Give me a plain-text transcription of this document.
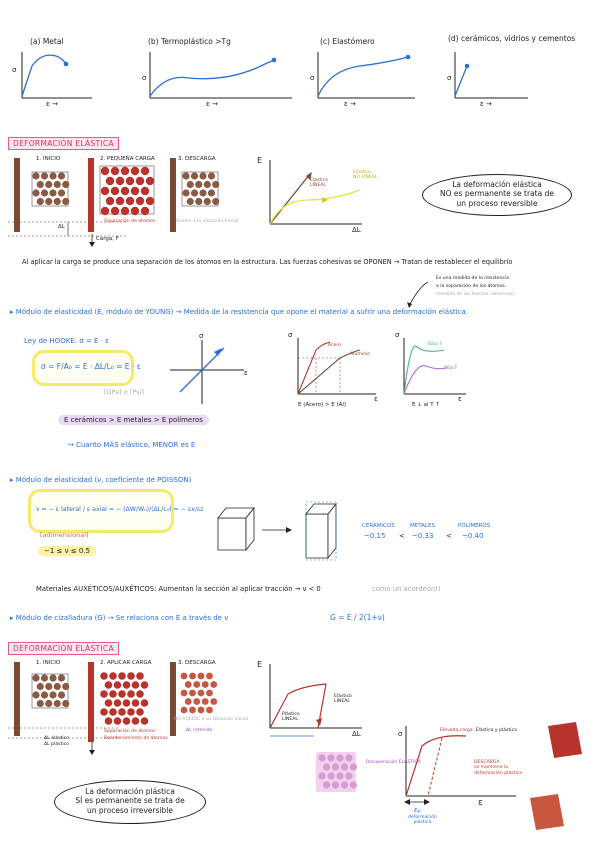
(a) Metal	(b) Termoplástico >Tg	(c) Elastómero	(d) cerámicos, vidrios y cementos
σ
ε →
σ
ε →
σ
ε →
σ
ε →
DEFORMACIÓN ELÁSTICA
1. INICIO	2. PEQUEÑA CARGA	3. DESCARGA
Separación de átomos	Vuelve a la situación inicial
ΔL
Carga, F
E
ΔL
Elástico
LINEAL
Elástico
NO LINEAL
La deformación elástica
NO es permanente se trata de
un proceso reversible
Al aplicar la carga se produce una separación de los átomos en la estructura. Las fuerzas cohesivas se OPONEN → Tratan de restablecer el equilibrio
Es una medida de la resistencia
a la separación de los átomos.
(medida de las fuerzas cohesivas)
▸ Módulo de elasticidad (E, módulo de YOUNG) → Medida de la resistencia que opone el material a sufrir una deformación elástica.
Ley de HOOKE: σ = E · ε
σ = F/A₀ = E · ΔL/L₀ = E · ε
[GPa] o [Psi]
E cerámicos > E metales > E polímeros
↪ Cuanto MÁS elástico, MENOR es E
σ
ε
σ
ε
Acero
Aluminio
E (Acero) > E (Al)
σ
ε
Baja T
Alta T
E ↓ al T ↑
▸ Módulo de elasticidad (ν, coeficiente de POISSON)
ν = − ε lateral / ε axial = − (ΔW/W₀)/(ΔL/L₀) = − εx/εz
[adimensional]
−1 ≤ ν ≤ 0.5
CERÁMICOS	METALES	POLÍMEROS
~0.15 < ~0.33 < ~0.40
Materiales AUXÉTICOS/AUXÉTICOS: Aumentan la sección al aplicar tracción → ν < 0	como un acordeón!!
▸ Módulo de cizalladura (G) → Se relaciona con E a través de ν	G = E / 2(1+ν)
DEFORMACIÓN ELÁSTICA
1. INICIO	2. APLICAR CARGA	3. DESCARGA
Separación de átomos
Reordenamiento de átomos
NO VUELVE a su situación inicial
ΔL retenido
ΔL elástico
ΔL plástico
E
ΔL
Elástico
LINEAL
Plástico
LINEAL
La deformación plástica
SÍ es permanente se trata de
un proceso irreversible
σ
ε
Elevada carga: Elástica y plástica
Recuperación ELÁSTICA	DESCARGA
se mantiene la
deformación plástica
εₚ
deformación
plástica
